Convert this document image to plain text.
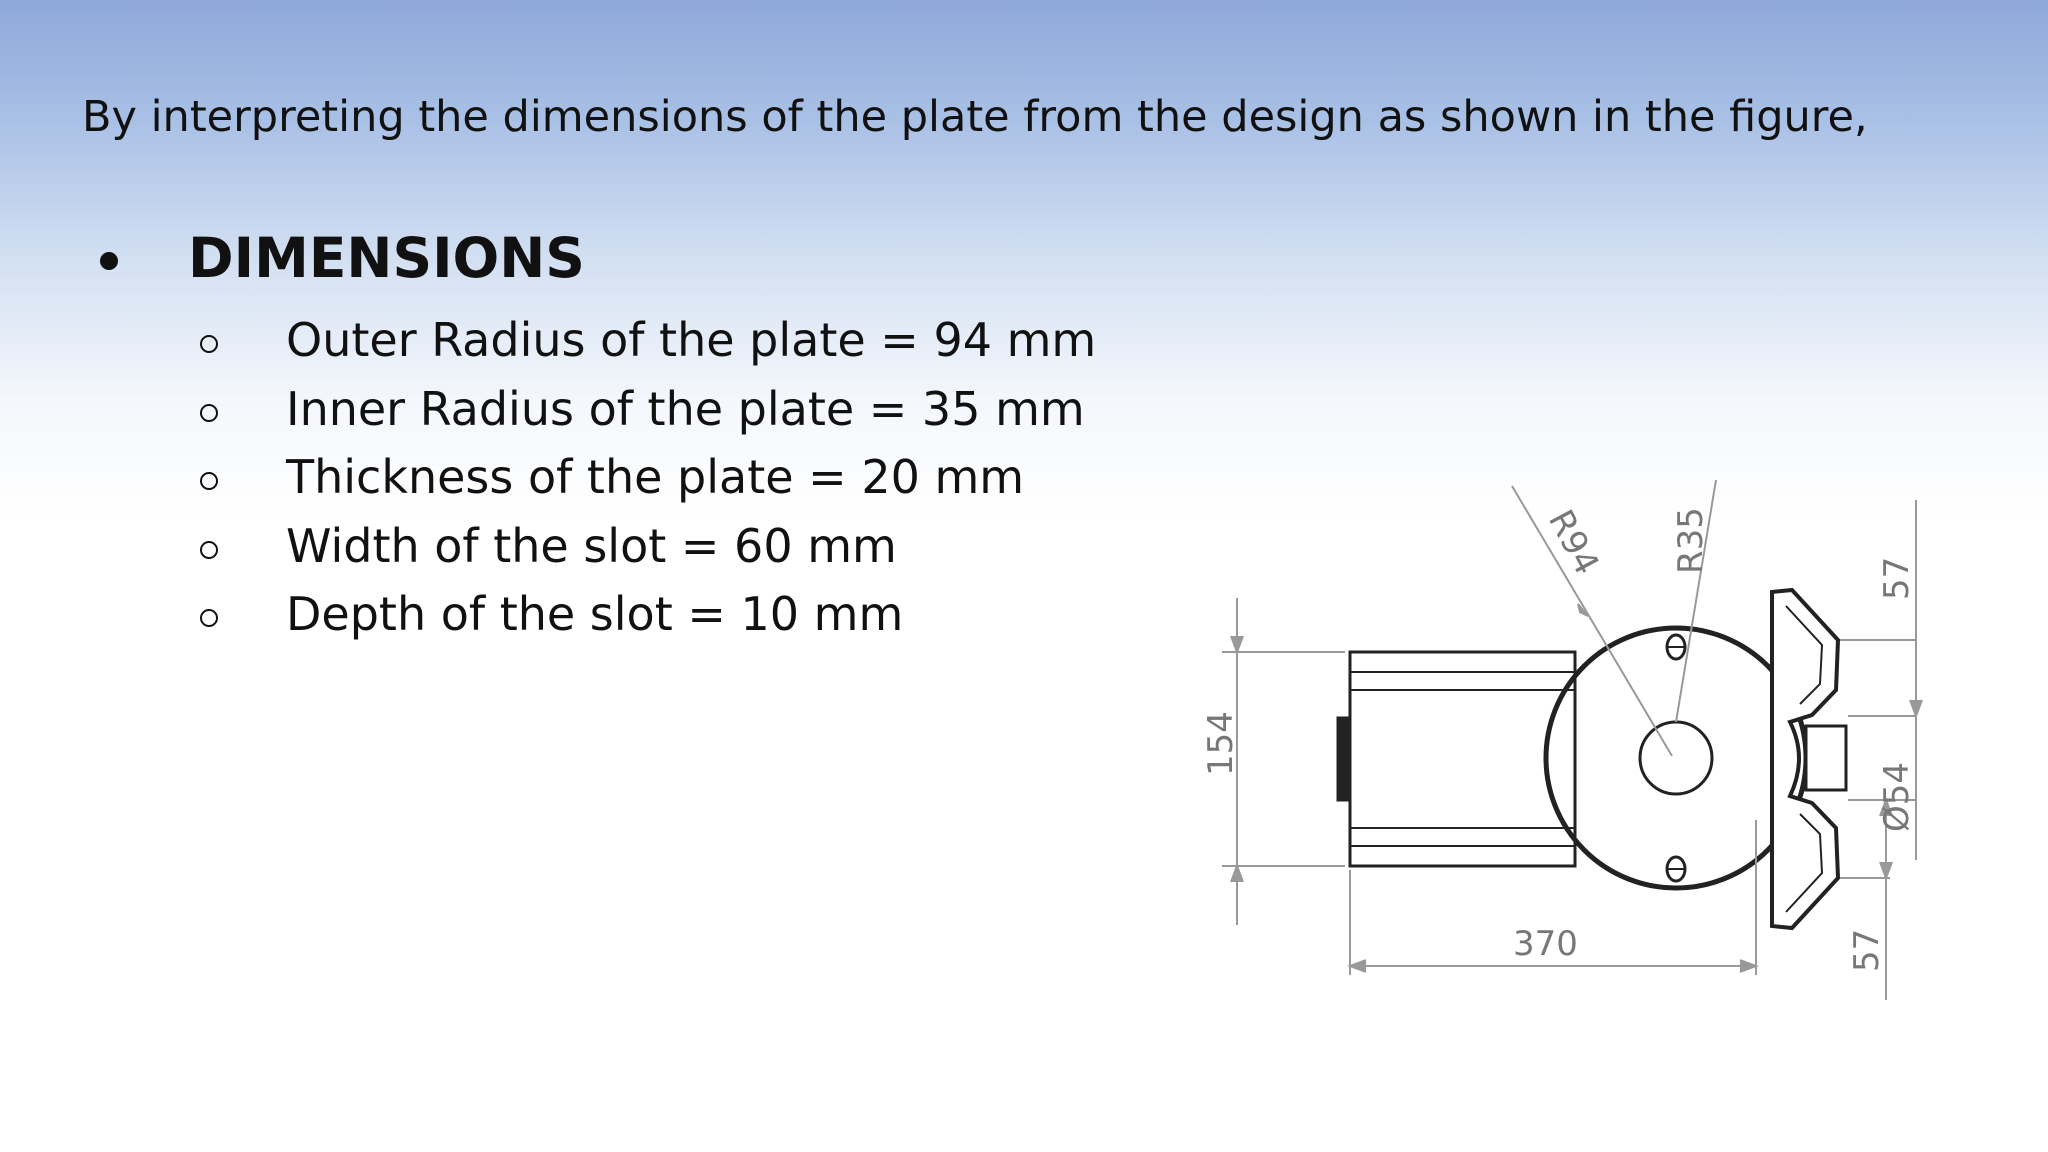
By interpreting the dimensions of the plate from the design as shown in the figure,

DIMENSIONS
Outer Radius of the plate = 94 mm
Inner Radius of the plate = 35 mm
Thickness of the plate = 20 mm
Width of the slot = 60 mm
Depth of the slot = 10 mm
154
370
R94 R35
57
Ø54
57
